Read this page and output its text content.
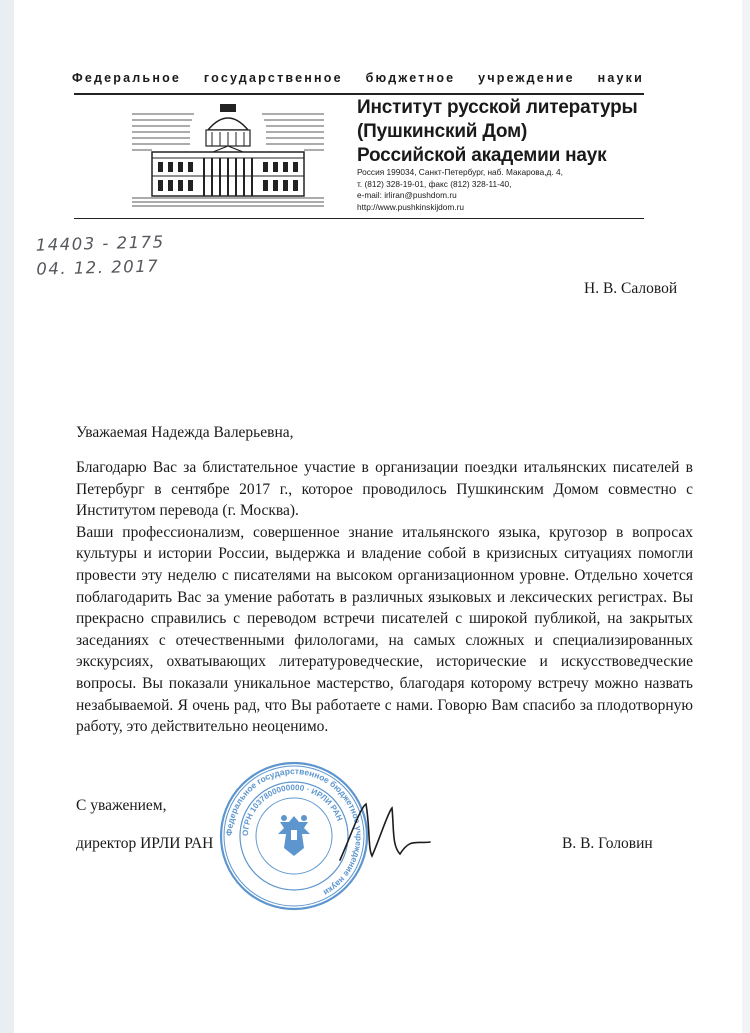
Федеральное государственное бюджетное учреждение науки
Институт русской литературы
(Пушкинский Дом)
Российской академии наук
Россия 199034, Санкт-Петербург, наб. Макарова,д. 4,
т. (812) 328-19-01, факс (812) 328-11-40,
e-mail: irliran@pushdom.ru
http://www.pushkinskijdom.ru
14403 - 2175
04. 12. 2017
Н. В. Саловой
Уважаемая Надежда Валерьевна,

Благодарю Вас за блистательное участие в организации поездки итальянских писателей в Петербург в сентябре 2017 г., которое проводилось Пушкинским Домом совместно с Институтом перевода (г. Москва).

Ваши профессионализм, совершенное знание итальянского языка, кругозор в вопросах культуры и истории России, выдержка и владение собой в кризисных ситуациях помогли провести эту неделю с писателями на высоком организационном уровне. Отдельно хочется поблагодарить Вас за умение работать в различных языковых и лексических регистрах. Вы прекрасно справились с переводом встречи писателей с широкой публикой, на закрытых заседаниях с отечественными филологами, на самых сложных и специализированных экскурсиях, охватывающих литературоведческие, исторические и искусствоведческие вопросы. Вы показали уникальное мастерство, благодаря которому встречу можно назвать незабываемой. Я очень рад, что Вы работаете с нами. Говорю Вам спасибо за плодотворную работу, это действительно неоценимо.

С уважением,
директор ИРЛИ РАН	В. В. Головин
Федеральное государственное бюджетное учреждение науки
ОГРН 1037800000000 · ИРЛИ РАН
